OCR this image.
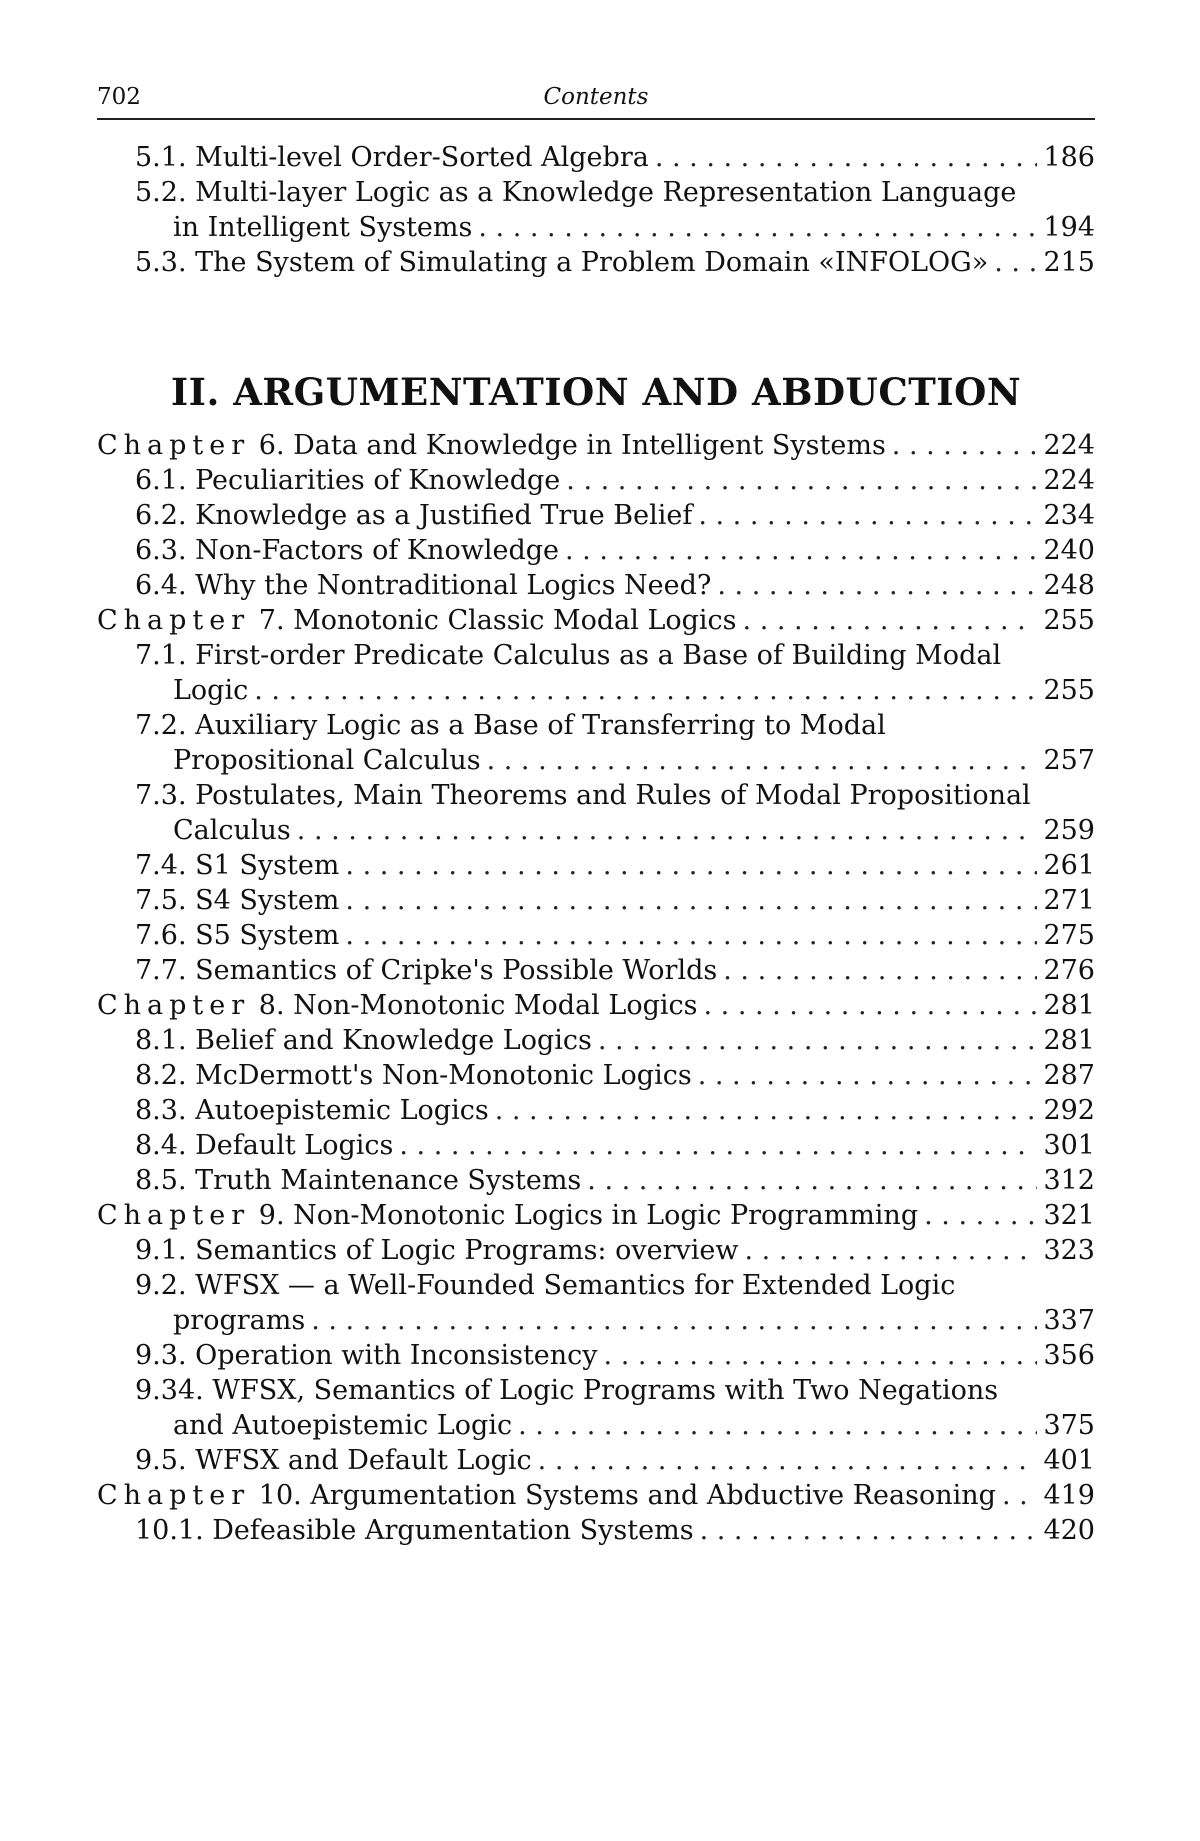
702	Contents
5.1. Multi-level Order-Sorted Algebra . . .	186
5.2. Multi-layer Logic as a Knowledge Representation Language
in Intelligent Systems . . .	194
5.3. The System of Simulating a Problem Domain «INFOLOG» . . . 215
II. ARGUMENTATION AND ABDUCTION
Chapter 6. Data and Knowledge in Intelligent Systems . . .	224
6.1. Peculiarities of Knowledge . . .	224
6.2. Knowledge as a Justified True Belief . . .	234
6.3. Non-Factors of Knowledge . . .	240
6.4. Why the Nontraditional Logics Need? . . .	248
Chapter 7. Monotonic Classic Modal Logics . . .	255
7.1. First-order Predicate Calculus as a Base of Building Modal
Logic . . .	255
7.2. Auxiliary Logic as a Base of Transferring to Modal
Propositional Calculus . . .	257
7.3. Postulates, Main Theorems and Rules of Modal Propositional
Calculus . . .	259
7.4. S1 System . . .	261
7.5. S4 System . . .	271
7.6. S5 System . . .	275
7.7. Semantics of Cripke's Possible Worlds . . .	276
Chapter 8. Non-Monotonic Modal Logics . . .	281
8.1. Belief and Knowledge Logics . . .	281
8.2. McDermott's Non-Monotonic Logics . . .	287
8.3. Autoepistemic Logics . . .	292
8.4. Default Logics . . .	301
8.5. Truth Maintenance Systems . . .	312
Chapter 9. Non-Monotonic Logics in Logic Programming . . .	321
9.1. Semantics of Logic Programs: overview . . .	323
9.2. WFSX — a Well-Founded Semantics for Extended Logic
programs . . .	337
9.3. Operation with Inconsistency . . .	356
9.34. WFSX, Semantics of Logic Programs with Two Negations
and Autoepistemic Logic . . .	375
9.5. WFSX and Default Logic . . .	401
Chapter 10. Argumentation Systems and Abductive Reasoning . . . 419
10.1. Defeasible Argumentation Systems . . .	420
